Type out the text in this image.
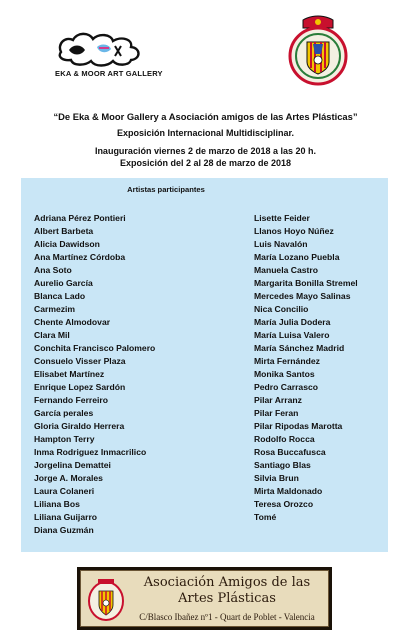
EKA & MOOR ART GALLERY
“De Eka & Moor Gallery a Asociación amigos de las Artes Plásticas”
Exposición Internacional Multidisciplinar.
Inauguración viernes 2 de marzo de 2018 a las 20 h.
Exposición del 2 al 28 de marzo de 2018
Artistas participantes
Adriana Pérez Pontieri
Albert Barbeta
Alicia Dawidson
Ana Martínez Córdoba
Ana Soto
Aurelio García
Blanca Lado
Carmezim
Chente Almodovar
Clara Mil
Conchita Francisco Palomero
Consuelo Visser Plaza
Elisabet Martínez
Enrique Lopez Sardón
Fernando Ferreiro
García perales
Gloria Giraldo Herrera
Hampton Terry
Inma Rodriguez Inmacrilico
Jorgelina Demattei
Jorge A. Morales
Laura Colaneri
Liliana Bos
Liliana Guijarro
Diana Guzmán
Lisette Feider
Llanos Hoyo Núñez
Luis Navalón
María Lozano Puebla
Manuela Castro
Margarita Bonilla Stremel
Mercedes Mayo Salinas
Nica Concilio
María Julia Dodera
María Luisa Valero
María Sánchez Madrid
Mirta Fernández
Monika Santos
Pedro Carrasco
Pilar Arranz
Pilar Feran
Pilar Ripodas Marotta
Rodolfo Rocca
Rosa Buccafusca
Santiago Blas
Silvia Brun
Mirta Maldonado
Teresa Orozco
Tomé
Asociación Amigos de las
Artes Plásticas
C/Blasco Ibañez nº1 - Quart de Poblet - Valencia
